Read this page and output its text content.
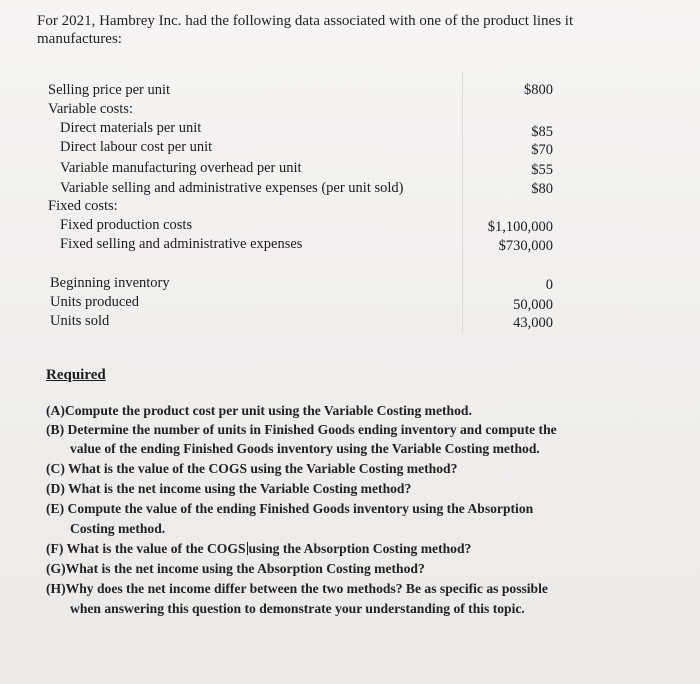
For 2021, Hambrey Inc. had the following data associated with one of the product lines it manufactures:
Selling price per unit	$800
Variable costs:
Direct materials per unit	$85
Direct labour cost per unit	$70
Variable manufacturing overhead per unit	$55
Variable selling and administrative expenses (per unit sold)	$80
Fixed costs:
Fixed production costs	$1,100,000
Fixed selling and administrative expenses	$730,000
Beginning inventory	0
Units produced	50,000
Units sold	43,000
Required
(A)Compute the product cost per unit using the Variable Costing method.
(B) Determine the number of units in Finished Goods ending inventory and compute the
value of the ending Finished Goods inventory using the Variable Costing method.
(C) What is the value of the COGS using the Variable Costing method?
(D) What is the net income using the Variable Costing method?
(E) Compute the value of the ending Finished Goods inventory using the Absorption
Costing method.
(F) What is the value of the COGS using the Absorption Costing method?
(G)What is the net income using the Absorption Costing method?
(H)Why does the net income differ between the two methods? Be as specific as possible
when answering this question to demonstrate your understanding of this topic.
